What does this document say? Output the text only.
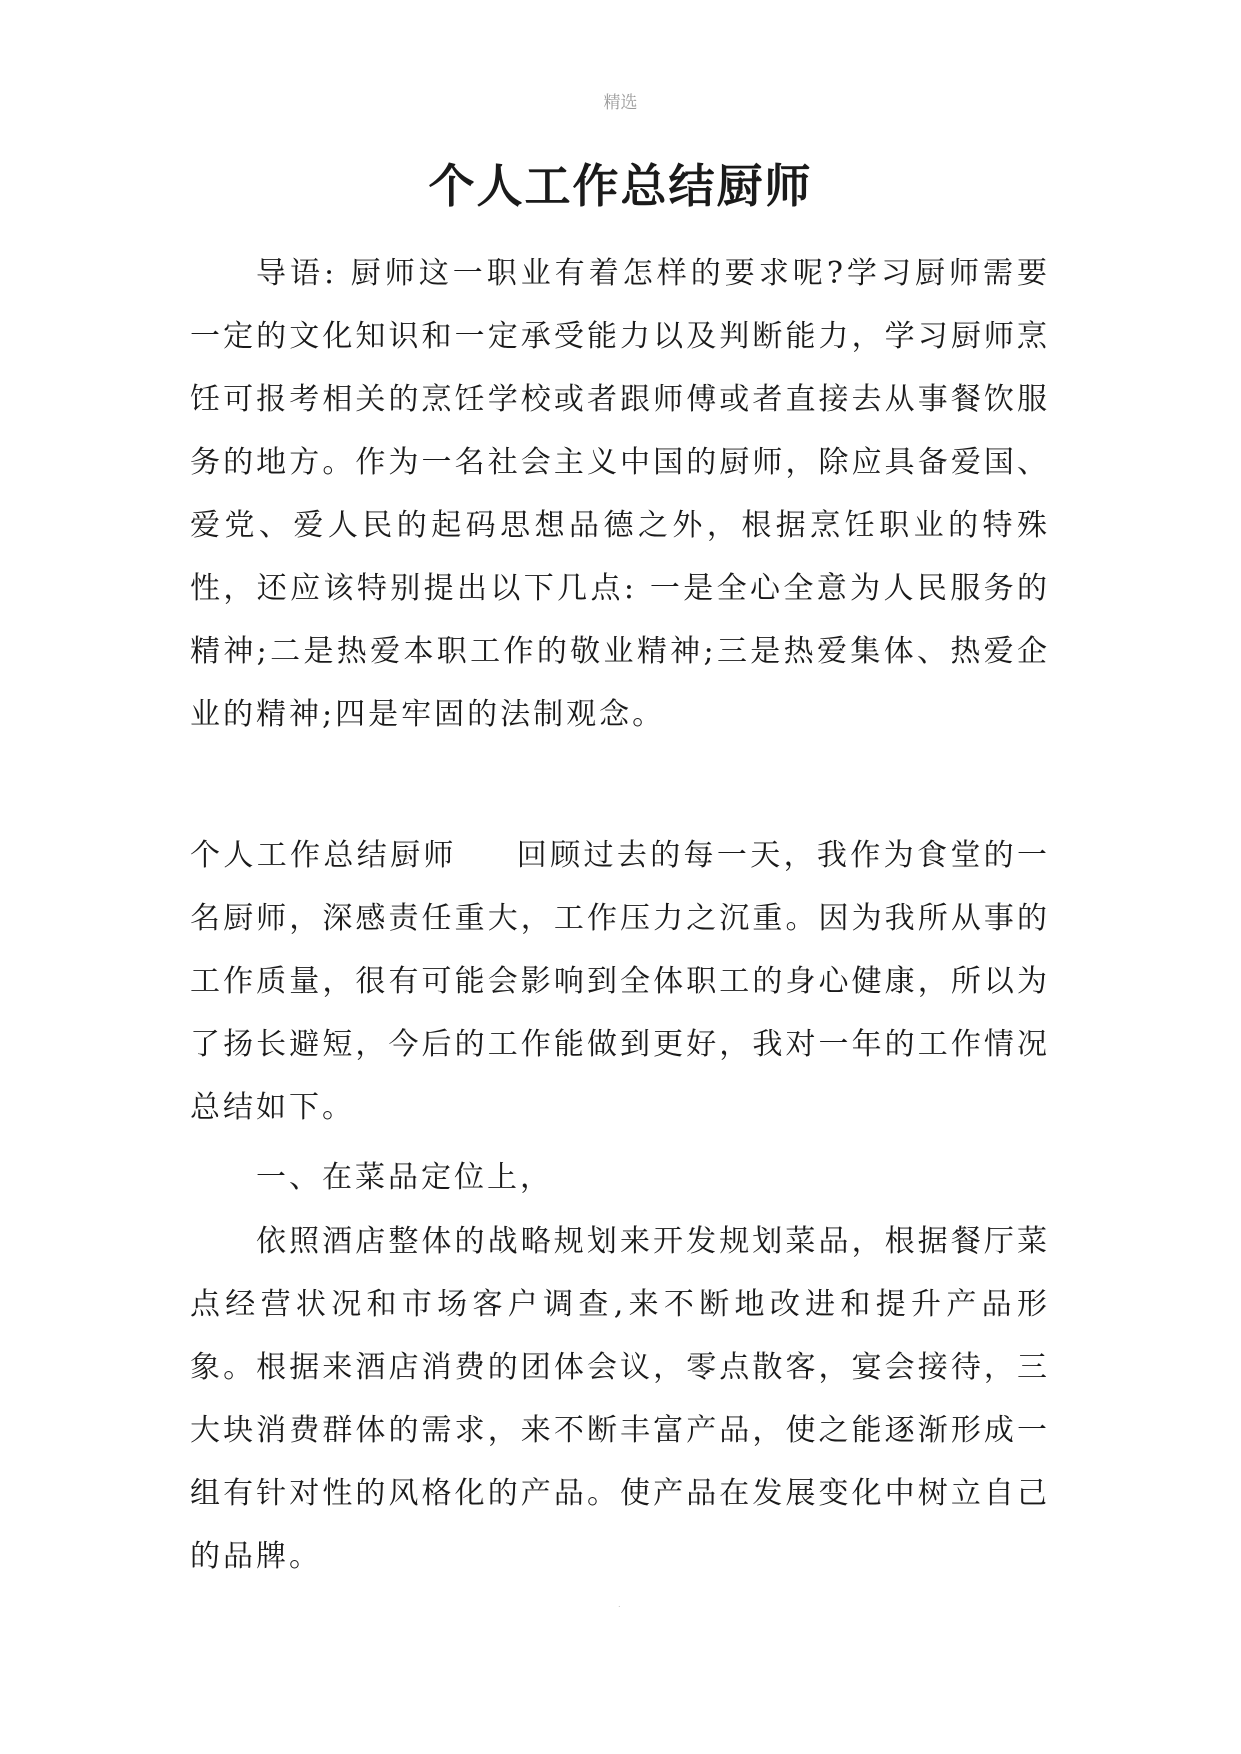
精选
个人工作总结厨师

导语: 厨师这一职业有着怎样的要求呢?学习厨师需要一定的文化知识和一定承受能力以及判断能力，学习厨师烹饪可报考相关的烹饪学校或者跟师傅或者直接去从事餐饮服务的地方。作为一名社会主义中国的厨师，除应具备爱国、爱党、爱人民的起码思想品德之外，根据烹饪职业的特殊性，还应该特别提出以下几点: 一是全心全意为人民服务的精神;二是热爱本职工作的敬业精神;三是热爱集体、热爱企业的精神;四是牢固的法制观念。

个人工作总结厨师 回顾过去的每一天，我作为食堂的一名厨师，深感责任重大，工作压力之沉重。因为我所从事的工作质量，很有可能会影响到全体职工的身心健康，所以为了扬长避短，今后的工作能做到更好，我对一年的工作情况总结如下。

一、在菜品定位上，

依照酒店整体的战略规划来开发规划菜品，根据餐厅菜点经营状况和市场客户调查,来不断地改进和提升产品形象。根据来酒店消费的团体会议，零点散客，宴会接待，三大块消费群体的需求，来不断丰富产品，使之能逐渐形成一组有针对性的风格化的产品。使产品在发展变化中树立自己的品牌。

.
